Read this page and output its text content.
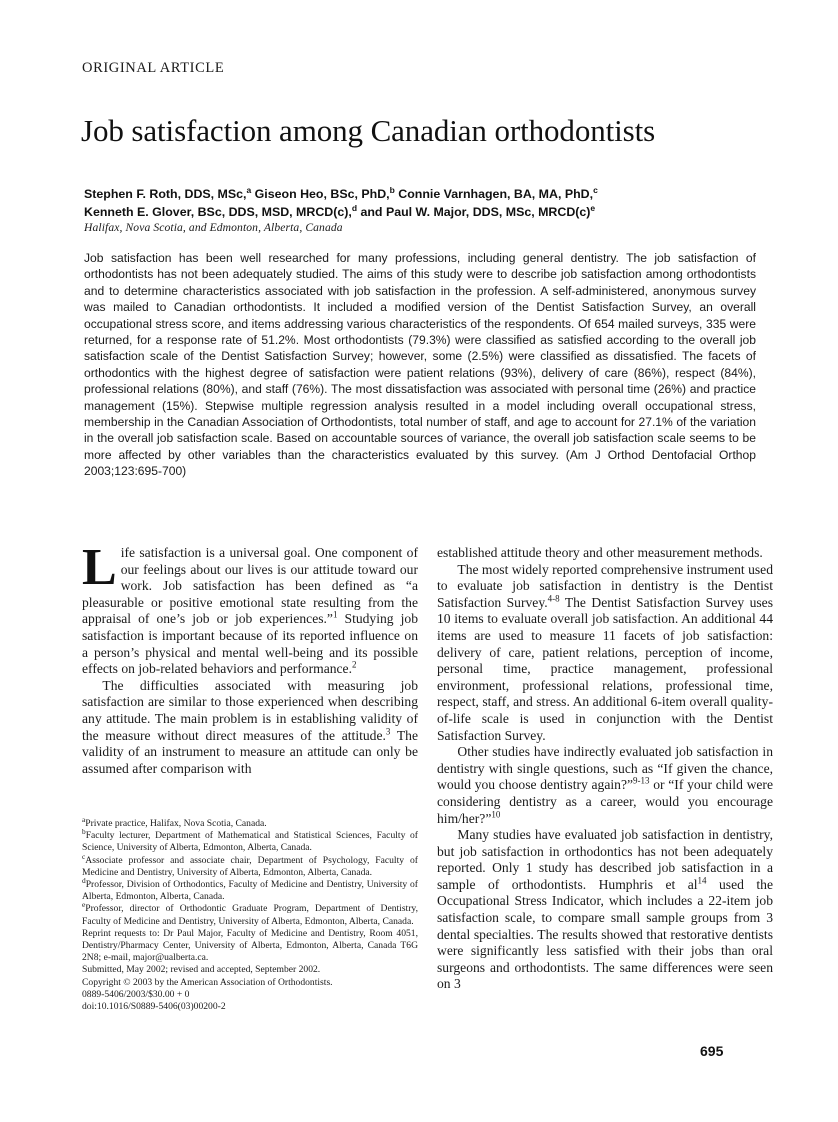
ORIGINAL ARTICLE
Job satisfaction among Canadian orthodontists
Stephen F. Roth, DDS, MSc,$^a$ Giseon Heo, BSc, PhD,$^b$ Connie Varnhagen, BA, MA, PhD,$^c$
Kenneth E. Glover, BSc, DDS, MSD, MRCD(c),$^d$ and Paul W. Major, DDS, MSc, $MRCD(c)^e$
Halifax, Nova Scotia, and Edmonton, Alberta, Canada
Job satisfaction has been well researched for many professions, including general dentistry. The job satisfaction of orthodontists has not been adequately studied. The aims of this study were to describe job satisfaction among orthodontists and to determine characteristics associated with job satisfaction in the profession. A self-administered, anonymous survey was mailed to Canadian orthodontists. It included a modified version of the Dentist Satisfaction Survey, an overall occupational stress score, and items addressing various characteristics of the respondents. Of 654 mailed surveys, 335 were returned, for a response rate of 51.2%. Most orthodontists (79.3%) were classified as satisfied according to the overall job satisfaction scale of the Dentist Satisfaction Survey; however, some (2.5%) were classified as dissatisfied. The facets of orthodontics with the highest degree of satisfaction were patient relations (93%), delivery of care (86%), respect (84%), professional relations (80%), and staff (76%). The most dissatisfaction was associated with personal time (26%) and practice management (15%). Stepwise multiple regression analysis resulted in a model including overall occupational stress, membership in the Canadian Association of Orthodontists, total number of staff, and age to account for 27.1% of the variation in the overall job satisfaction scale. Based on accountable sources of variance, the overall job satisfaction scale seems to be more affected by other variables than the characteristics evaluated by this survey. (Am J Orthod Dentofacial Orthop 2003;123:695-700)

Life satisfaction is a universal goal. One component of our feelings about our lives is our attitude toward our work. Job satisfaction has been defined as “a pleasurable or positive emotional state resulting from the appraisal of one’s job or job experiences.”$^1$ Studying job satisfaction is important because of its reported influence on a person’s physical and mental well-being and its possible effects on job-related behaviors and performance.$^2$

The difficulties associated with measuring job satisfaction are similar to those experienced when describing any attitude. The main problem is in establishing validity of the measure without direct measures of the attitude.$^3$ The validity of an instrument to measure an attitude can only be assumed after comparison with

established attitude theory and other measurement methods.

The most widely reported comprehensive instrument used to evaluate job satisfaction in dentistry is the Dentist Satisfaction Survey.$^{4-8}$ The Dentist Satisfaction Survey uses 10 items to evaluate overall job satisfaction. An additional 44 items are used to measure 11 facets of job satisfaction: delivery of care, patient relations, perception of income, personal time, practice management, professional environment, professional relations, professional time, respect, staff, and stress. An additional 6-item overall quality-of-life scale is used in conjunction with the Dentist Satisfaction Survey.

Other studies have indirectly evaluated job satisfaction in dentistry with single questions, such as “If given the chance, would you choose dentistry again?”$^{9-13}$ or “If your child were considering dentistry as a career, would you encourage him/her?”$^{10}$

Many studies have evaluated job satisfaction in dentistry, but job satisfaction in orthodontics has not been adequately reported. Only 1 study has described job satisfaction in a sample of orthodontists. Humphris et $al^{14}$ used the Occupational Stress Indicator, which includes a 22-item job satisfaction scale, to compare small sample groups from 3 dental specialties. The results showed that restorative dentists were significantly less satisfied with their jobs than oral surgeons and orthodontists. The same differences were seen on 3

$^a$Private practice, Halifax, Nova Scotia, Canada.

$^b$Faculty lecturer, Department of Mathematical and Statistical Sciences, Faculty of Science, University of Alberta, Edmonton, Alberta, Canada.

$^c$Associate professor and associate chair, Department of Psychology, Faculty of Medicine and Dentistry, University of Alberta, Edmonton, Alberta, Canada.

$^d$Professor, Division of Orthodontics, Faculty of Medicine and Dentistry, University of Alberta, Edmonton, Alberta, Canada.

$^e$Professor, director of Orthodontic Graduate Program, Department of Dentistry, Faculty of Medicine and Dentistry, University of Alberta, Edmonton, Alberta, Canada.

Reprint requests to: Dr Paul Major, Faculty of Medicine and Dentistry, Room 4051, Dentistry/Pharmacy Center, University of Alberta, Edmonton, Alberta, Canada T6G 2N8; e-mail, major@ualberta.ca.

Submitted, May 2002; revised and accepted, September 2002.

Copyright © 2003 by the American Association of Orthodontists.

0889-5406/2003/$30.00 + 0

doi:10.1016/S0889-5406(03)00200-2

695
